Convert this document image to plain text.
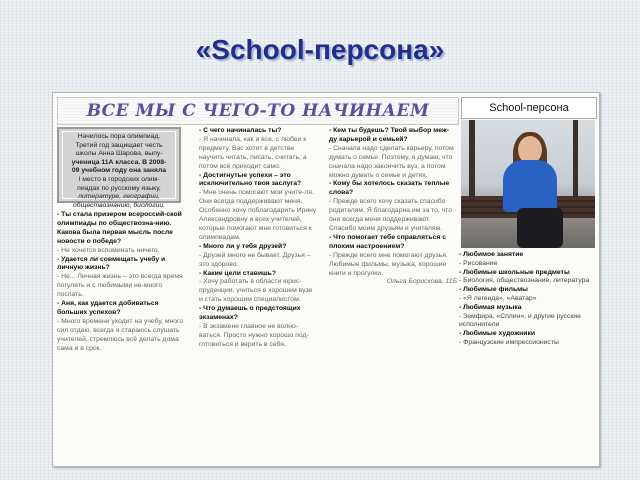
«School-персона»
ВСЕ МЫ С ЧЕГО-ТО НАЧИНАЕМ
Начилось пора олимпиад.
Третий год защищает честь
школы Анна Шарова, выпу-
ученица 11А класса. В 2008-
09 учебном году она заняла
I место в городских олим-
пиадах по русскому языку,
литературе, географии,
обществознанию, биологии.

- Ты стала призером всероссий-ской олимпиады по обществозна-нию. Какова была первая мысль после новости о победе?

- Не хочется вспоминать ничего.

- Удается ли совмещать учебу и личную жизнь?

- Не... Личная жизнь – это всегда время погулять и с любимыми не-много поспать.

- Аня, как удается добиваться больших успехов?

- Много времени уходит на учебу, много сил отдаю, всегда я стараюсь слушать учителей, стремлюсь всё делать дома сама и в срок.

- С чего начиналась ты?

- Я начинала, как и все, с любви к предмету. Вас хотят в детстве научить читать, писать, считать, а потом всё приходит само.

- Достигнутые успехи – это исключительно твоя заслуга?

- Мне очень помогают мои учите-ля. Они всегда поддерживают меня. Особенно хочу поблагодарить Ирину Александровну и всех учителей, которые помогают мне готовиться к олимпиадам.

- Много ли у тебя друзей?

- Друзей много не бывает. Друзья – это здорово.

- Какие цели ставишь?

- Хочу работать в области юрис-пруденции, учиться в хорошем вузе и стать хорошим специалистом.

- Что думаешь о предстоящих экзаменах?

- В экзамене главное не волно-ваться. Просто нужно хорошо под-готовиться и верить в себя.

- Кем ты будешь? Твой выбор меж-ду карьерой и семьей?

- Сначала надо сделать карьеру, потом думать о семье. Поэтому, я думаю, что сначала надо закончить вуз, а потом можно думать о семье и детях.

- Кому бы хотелось сказать теплые слова?

- Прежде всего хочу сказать спасибо родителям. Я благодарна им за то, что они всегда меня поддерживают. Спасибо моим друзьям и учителям.

- Что помогает тебе справляться с плохим настроением?

- Прежде всего мне помогают друзья. Любимые фильмы, музыка, хорошие книги и прогулки.

Ольга Борискова, 11Б

School-персона
- Любимое занятие
- Рисование
- Любимые школьные предметы
- Биология, обществознание, литература
- Любимые фильмы
- «Я легенда», «Аватар»
- Любимая музыка
- Земфира, «Сплин», и другие русские исполнители
- Любимые художники
- Французские импрессионисты
